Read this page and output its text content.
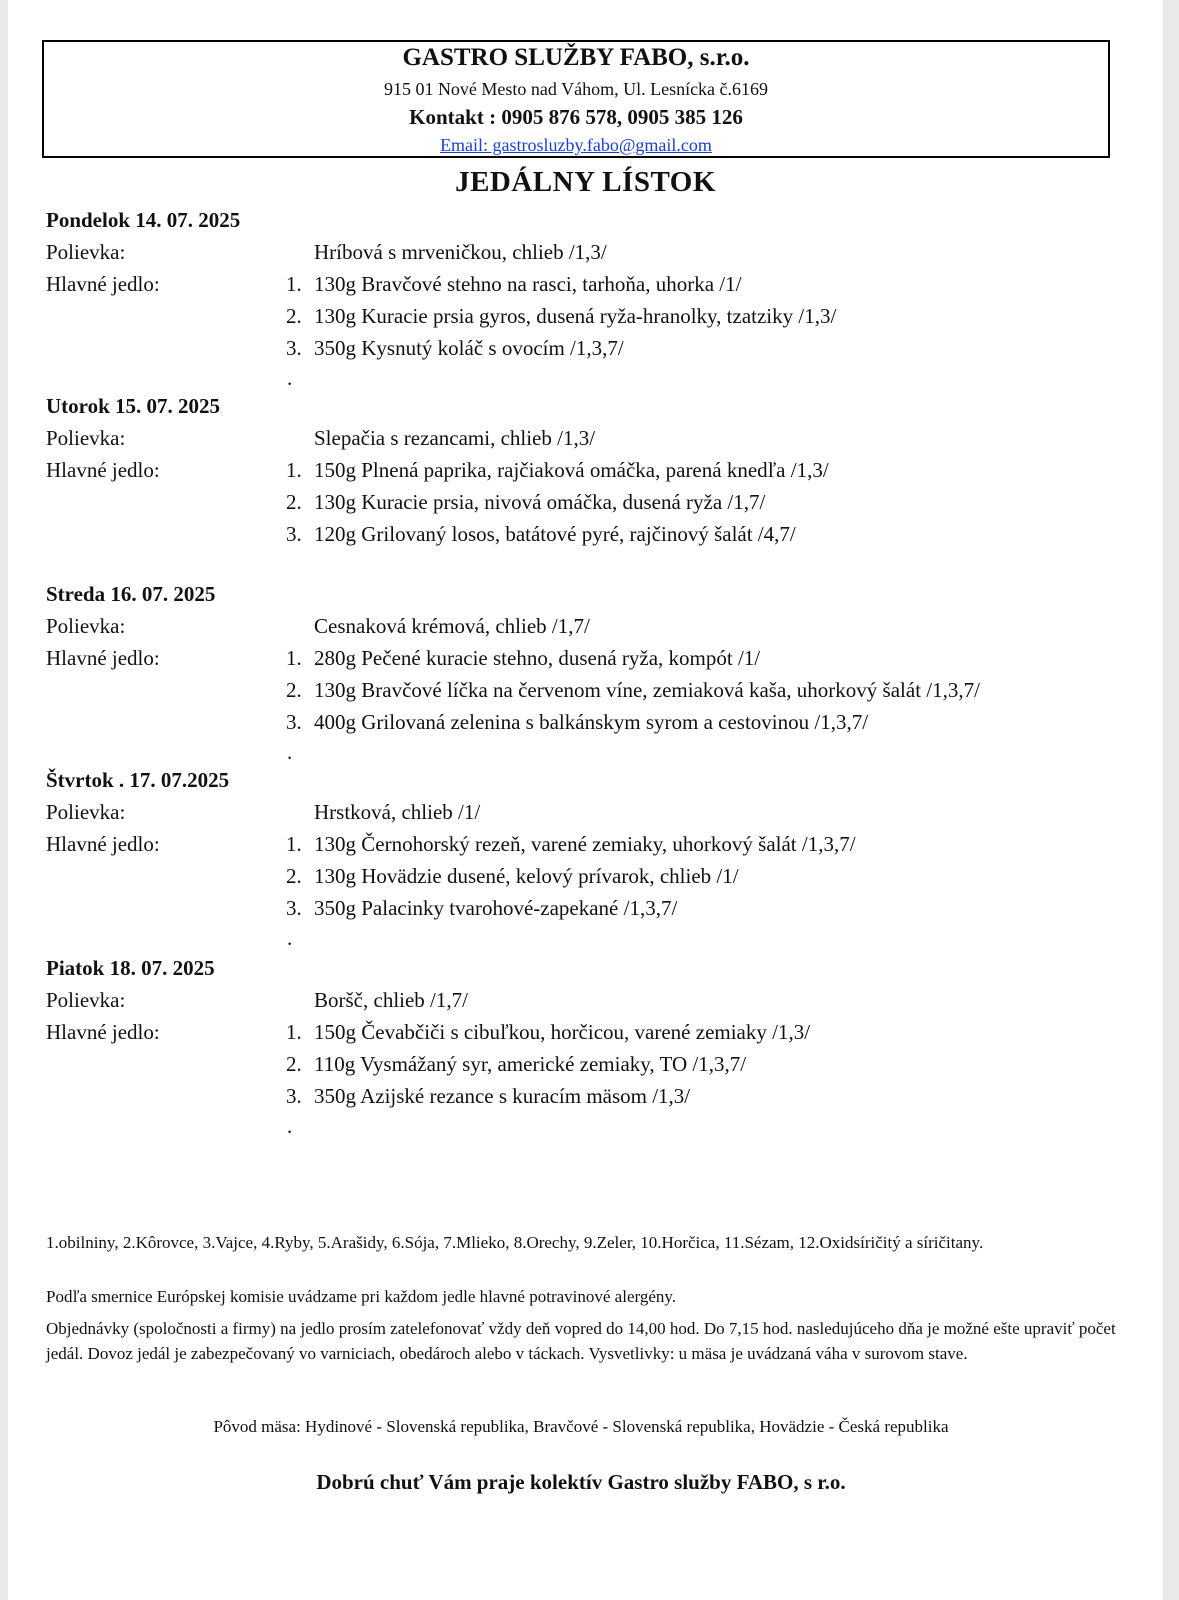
GASTRO SLUŽBY FABO, s.r.o.
915 01 Nové Mesto nad Váhom, Ul. Lesnícka č.6169
Kontakt : 0905 876 578, 0905 385 126
Email: gastrosluzby.fabo@gmail.com
JEDÁLNY LÍSTOK
Pondelok 14. 07. 2025
Polievka:	Hríbová s mrveničkou, chlieb /1,3/
Hlavné jedlo:	1. 130g Bravčové stehno na rasci, tarhoňa, uhorka /1/
2. 130g Kuracie prsia gyros, dusená ryža-hranolky, tzatziky /1,3/
3. 350g Kysnutý koláč s ovocím /1,3,7/
.
Utorok 15. 07. 2025
Polievka:	Slepačia s rezancami, chlieb /1,3/
Hlavné jedlo:	1. 150g Plnená paprika, rajčiaková omáčka, parená knedľa /1,3/
2. 130g Kuracie prsia, nivová omáčka, dusená ryža /1,7/
3. 120g Grilovaný losos, batátové pyré, rajčinový šalát /4,7/
Streda 16. 07. 2025
Polievka:	Cesnaková krémová, chlieb /1,7/
Hlavné jedlo:	1. 280g Pečené kuracie stehno, dusená ryža, kompót /1/
2. 130g Bravčové líčka na červenom víne, zemiaková kaša, uhorkový šalát /1,3,7/
3. 400g Grilovaná zelenina s balkánskym syrom a cestovinou /1,3,7/
.
Štvrtok . 17. 07.2025
Polievka:	Hrstková, chlieb /1/
Hlavné jedlo:	1. 130g Černohorský rezeň, varené zemiaky, uhorkový šalát /1,3,7/
2. 130g Hovädzie dusené, kelový prívarok, chlieb /1/
3. 350g Palacinky tvarohové-zapekané /1,3,7/
.
Piatok 18. 07. 2025
Polievka:	Boršč, chlieb /1,7/
Hlavné jedlo:	1. 150g Čevabčiči s cibuľkou, horčicou, varené zemiaky /1,3/
2. 110g Vysmážaný syr, americké zemiaky, TO /1,3,7/
3. 350g Azijské rezance s kuracím mäsom /1,3/
.
1.obilniny, 2.Kôrovce, 3.Vajce, 4.Ryby, 5.Arašidy, 6.Sója, 7.Mlieko, 8.Orechy, 9.Zeler, 10.Horčica, 11.Sézam, 12.Oxidsíričitý a síričitany.
Podľa smernice Európskej komisie uvádzame pri každom jedle hlavné potravinové alergény.
Objednávky (spoločnosti a firmy) na jedlo prosím zatelefonovať vždy deň vopred do 14,00 hod. Do 7,15 hod. nasledujúceho dňa je možné ešte upraviť počet jedál. Dovoz jedál je zabezpečovaný vo varniciach, obedároch alebo v táckach. Vysvetlivky: u mäsa je uvádzaná váha v surovom stave.
Pôvod mäsa: Hydinové - Slovenská republika, Bravčové - Slovenská republika, Hovädzie - Česká republika
Dobrú chuť Vám praje kolektív Gastro služby FABO, s r.o.
